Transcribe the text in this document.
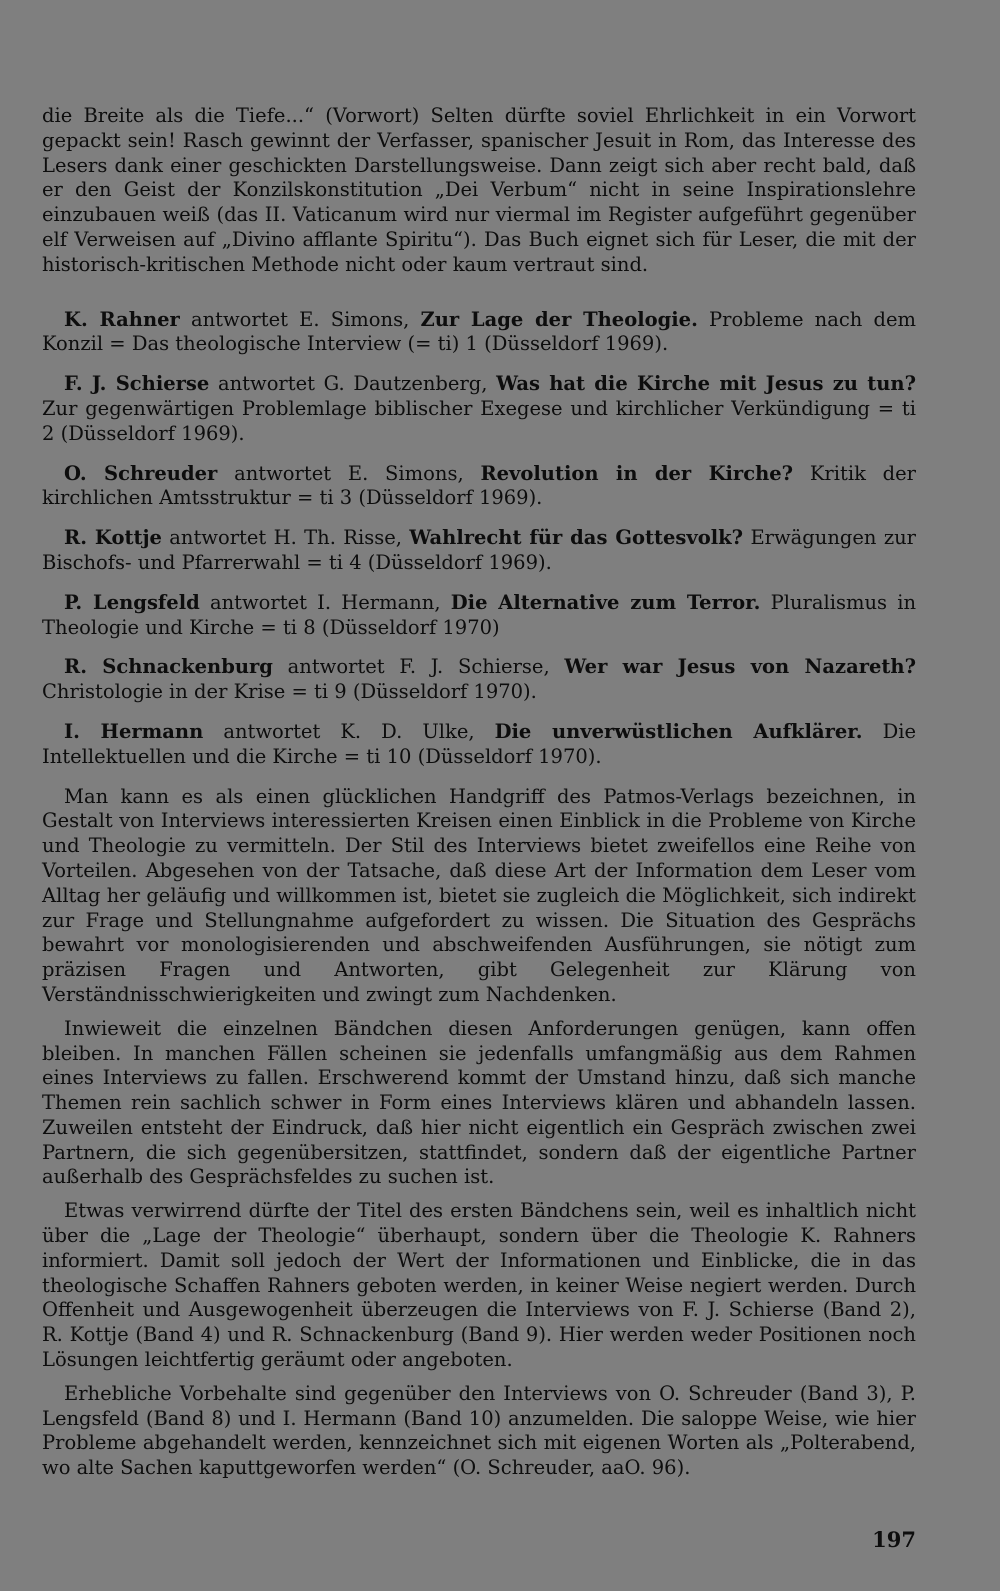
die Breite als die Tiefe...“ (Vorwort) Selten dürfte soviel Ehrlichkeit in ein Vorwort gepackt sein! Rasch gewinnt der Verfasser, spanischer Jesuit in Rom, das Interesse des Lesers dank einer geschickten Darstellungsweise. Dann zeigt sich aber recht bald, daß er den Geist der Konzilskonstitution „Dei Verbum“ nicht in seine Inspirationslehre einzubauen weiß (das II. Vaticanum wird nur viermal im Register aufgeführt gegenüber elf Verweisen auf „Divino afflante Spiritu“). Das Buch eignet sich für Leser, die mit der historisch-kritischen Methode nicht oder kaum vertraut sind.

K. Rahner antwortet E. Simons, Zur Lage der Theologie. Probleme nach dem Konzil = Das theologische Interview (= ti) 1 (Düsseldorf 1969).

F. J. Schierse antwortet G. Dautzenberg, Was hat die Kirche mit Jesus zu tun? Zur gegenwärtigen Problemlage biblischer Exegese und kirchlicher Verkündigung = ti 2 (Düsseldorf 1969).

O. Schreuder antwortet E. Simons, Revolution in der Kirche? Kritik der kirchlichen Amtsstruktur = ti 3 (Düsseldorf 1969).

R. Kottje antwortet H. Th. Risse, Wahlrecht für das Gottesvolk? Erwägungen zur Bischofs- und Pfarrerwahl = ti 4 (Düsseldorf 1969).

P. Lengsfeld antwortet I. Hermann, Die Alternative zum Terror. Pluralismus in Theologie und Kirche = ti 8 (Düsseldorf 1970)

R. Schnackenburg antwortet F. J. Schierse, Wer war Jesus von Nazareth? Christologie in der Krise = ti 9 (Düsseldorf 1970).

I. Hermann antwortet K. D. Ulke, Die unverwüstlichen Aufklärer. Die Intellektuellen und die Kirche = ti 10 (Düsseldorf 1970).

Man kann es als einen glücklichen Handgriff des Patmos-Verlags bezeichnen, in Gestalt von Interviews interessierten Kreisen einen Einblick in die Probleme von Kirche und Theologie zu vermitteln. Der Stil des Interviews bietet zweifellos eine Reihe von Vorteilen. Abgesehen von der Tatsache, daß diese Art der Information dem Leser vom Alltag her geläufig und willkommen ist, bietet sie zugleich die Möglichkeit, sich indirekt zur Frage und Stellungnahme aufgefordert zu wissen. Die Situation des Gesprächs bewahrt vor monologisierenden und abschweifenden Ausführungen, sie nötigt zum präzisen Fragen und Antworten, gibt Gelegenheit zur Klärung von Verständnisschwierigkeiten und zwingt zum Nachdenken.

Inwieweit die einzelnen Bändchen diesen Anforderungen genügen, kann offen bleiben. In manchen Fällen scheinen sie jedenfalls umfangmäßig aus dem Rahmen eines Interviews zu fallen. Erschwerend kommt der Umstand hinzu, daß sich manche Themen rein sachlich schwer in Form eines Interviews klären und abhandeln lassen. Zuweilen entsteht der Eindruck, daß hier nicht eigentlich ein Gespräch zwischen zwei Partnern, die sich gegenübersitzen, stattfindet, sondern daß der eigentliche Partner außerhalb des Gesprächsfeldes zu suchen ist.

Etwas verwirrend dürfte der Titel des ersten Bändchens sein, weil es inhaltlich nicht über die „Lage der Theologie“ überhaupt, sondern über die Theologie K. Rahners informiert. Damit soll jedoch der Wert der Informationen und Einblicke, die in das theologische Schaffen Rahners geboten werden, in keiner Weise negiert werden. Durch Offenheit und Ausgewogenheit überzeugen die Interviews von F. J. Schierse (Band 2), R. Kottje (Band 4) und R. Schnackenburg (Band 9). Hier werden weder Positionen noch Lösungen leichtfertig geräumt oder angeboten.

Erhebliche Vorbehalte sind gegenüber den Interviews von O. Schreuder (Band 3), P. Lengsfeld (Band 8) und I. Hermann (Band 10) anzumelden. Die saloppe Weise, wie hier Probleme abgehandelt werden, kennzeichnet sich mit eigenen Worten als „Polterabend, wo alte Sachen kaputtgeworfen werden“ (O. Schreuder, aaO. 96).

197
